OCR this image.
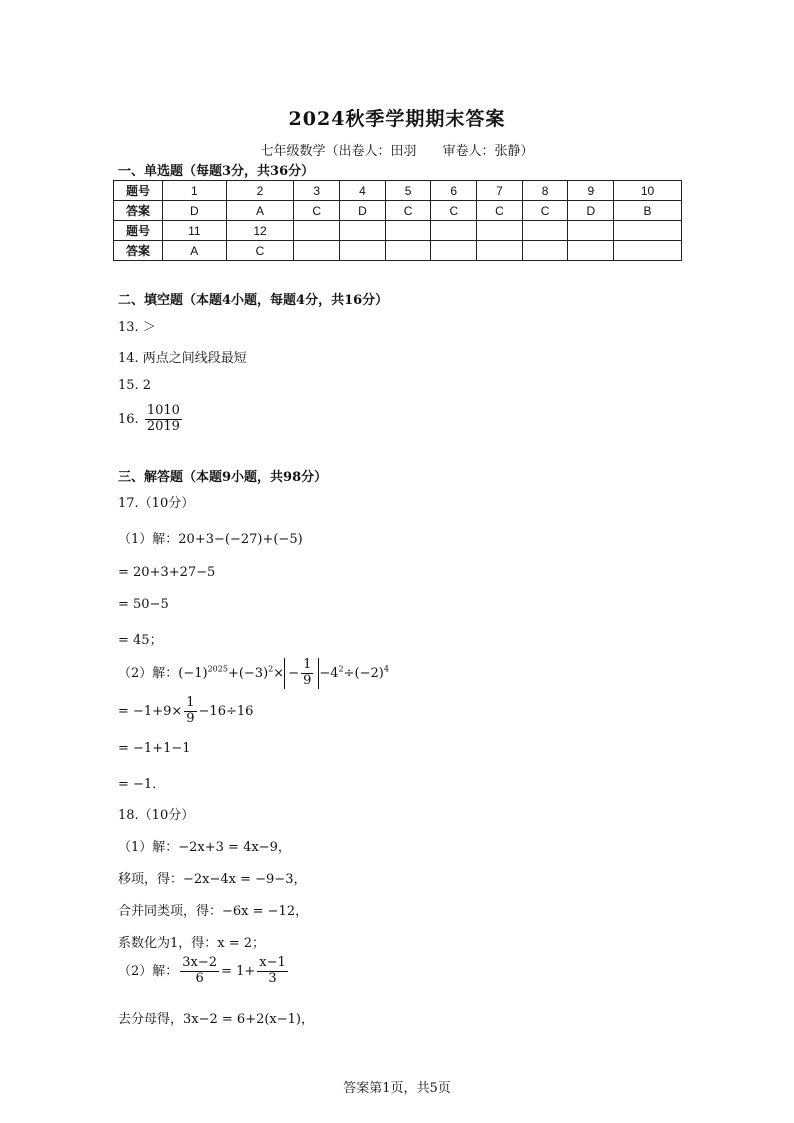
2024秋季学期期末答案
七年级数学（出卷人：田羽　　审卷人：张静）
一、单选题（每题3分，共36分）
题号	1	2	3	4	5	6	7	8	9	10
答案	D	A	C	D	C	C	C	C	D	B
题号	11	12								
答案	A	C								
二、填空题（本题4小题，每题4分，共16分）
13. ＞
14. 两点之间线段最短
15. 2
16. $\frac{1010}{2019}$
三、解答题（本题9小题，共98分）
17.（10分）
（1）解：20+3−(−27)+(−5)
= 20+3+27−5
= 50−5
= 45；
（2）解：$(-1)^{2025}+(-3)^2\times - \frac{1}{9} -4^2\div(-2)^4$
= $-1+9\times \frac{1}{9} -16\div 16$
= −1+1−1
= −1．
18.（10分）
（1）解：−2x+3 = 4x−9，
移项，得：−2x−4x = −9−3，
合并同类项，得：−6x = −12，
系数化为1，得：x = 2；
（2）解： $\frac{3x-2}{6} = 1+ \frac{x-1}{3}$
去分母得，3x−2 = 6+2(x−1)，
答案第1页，共5页
